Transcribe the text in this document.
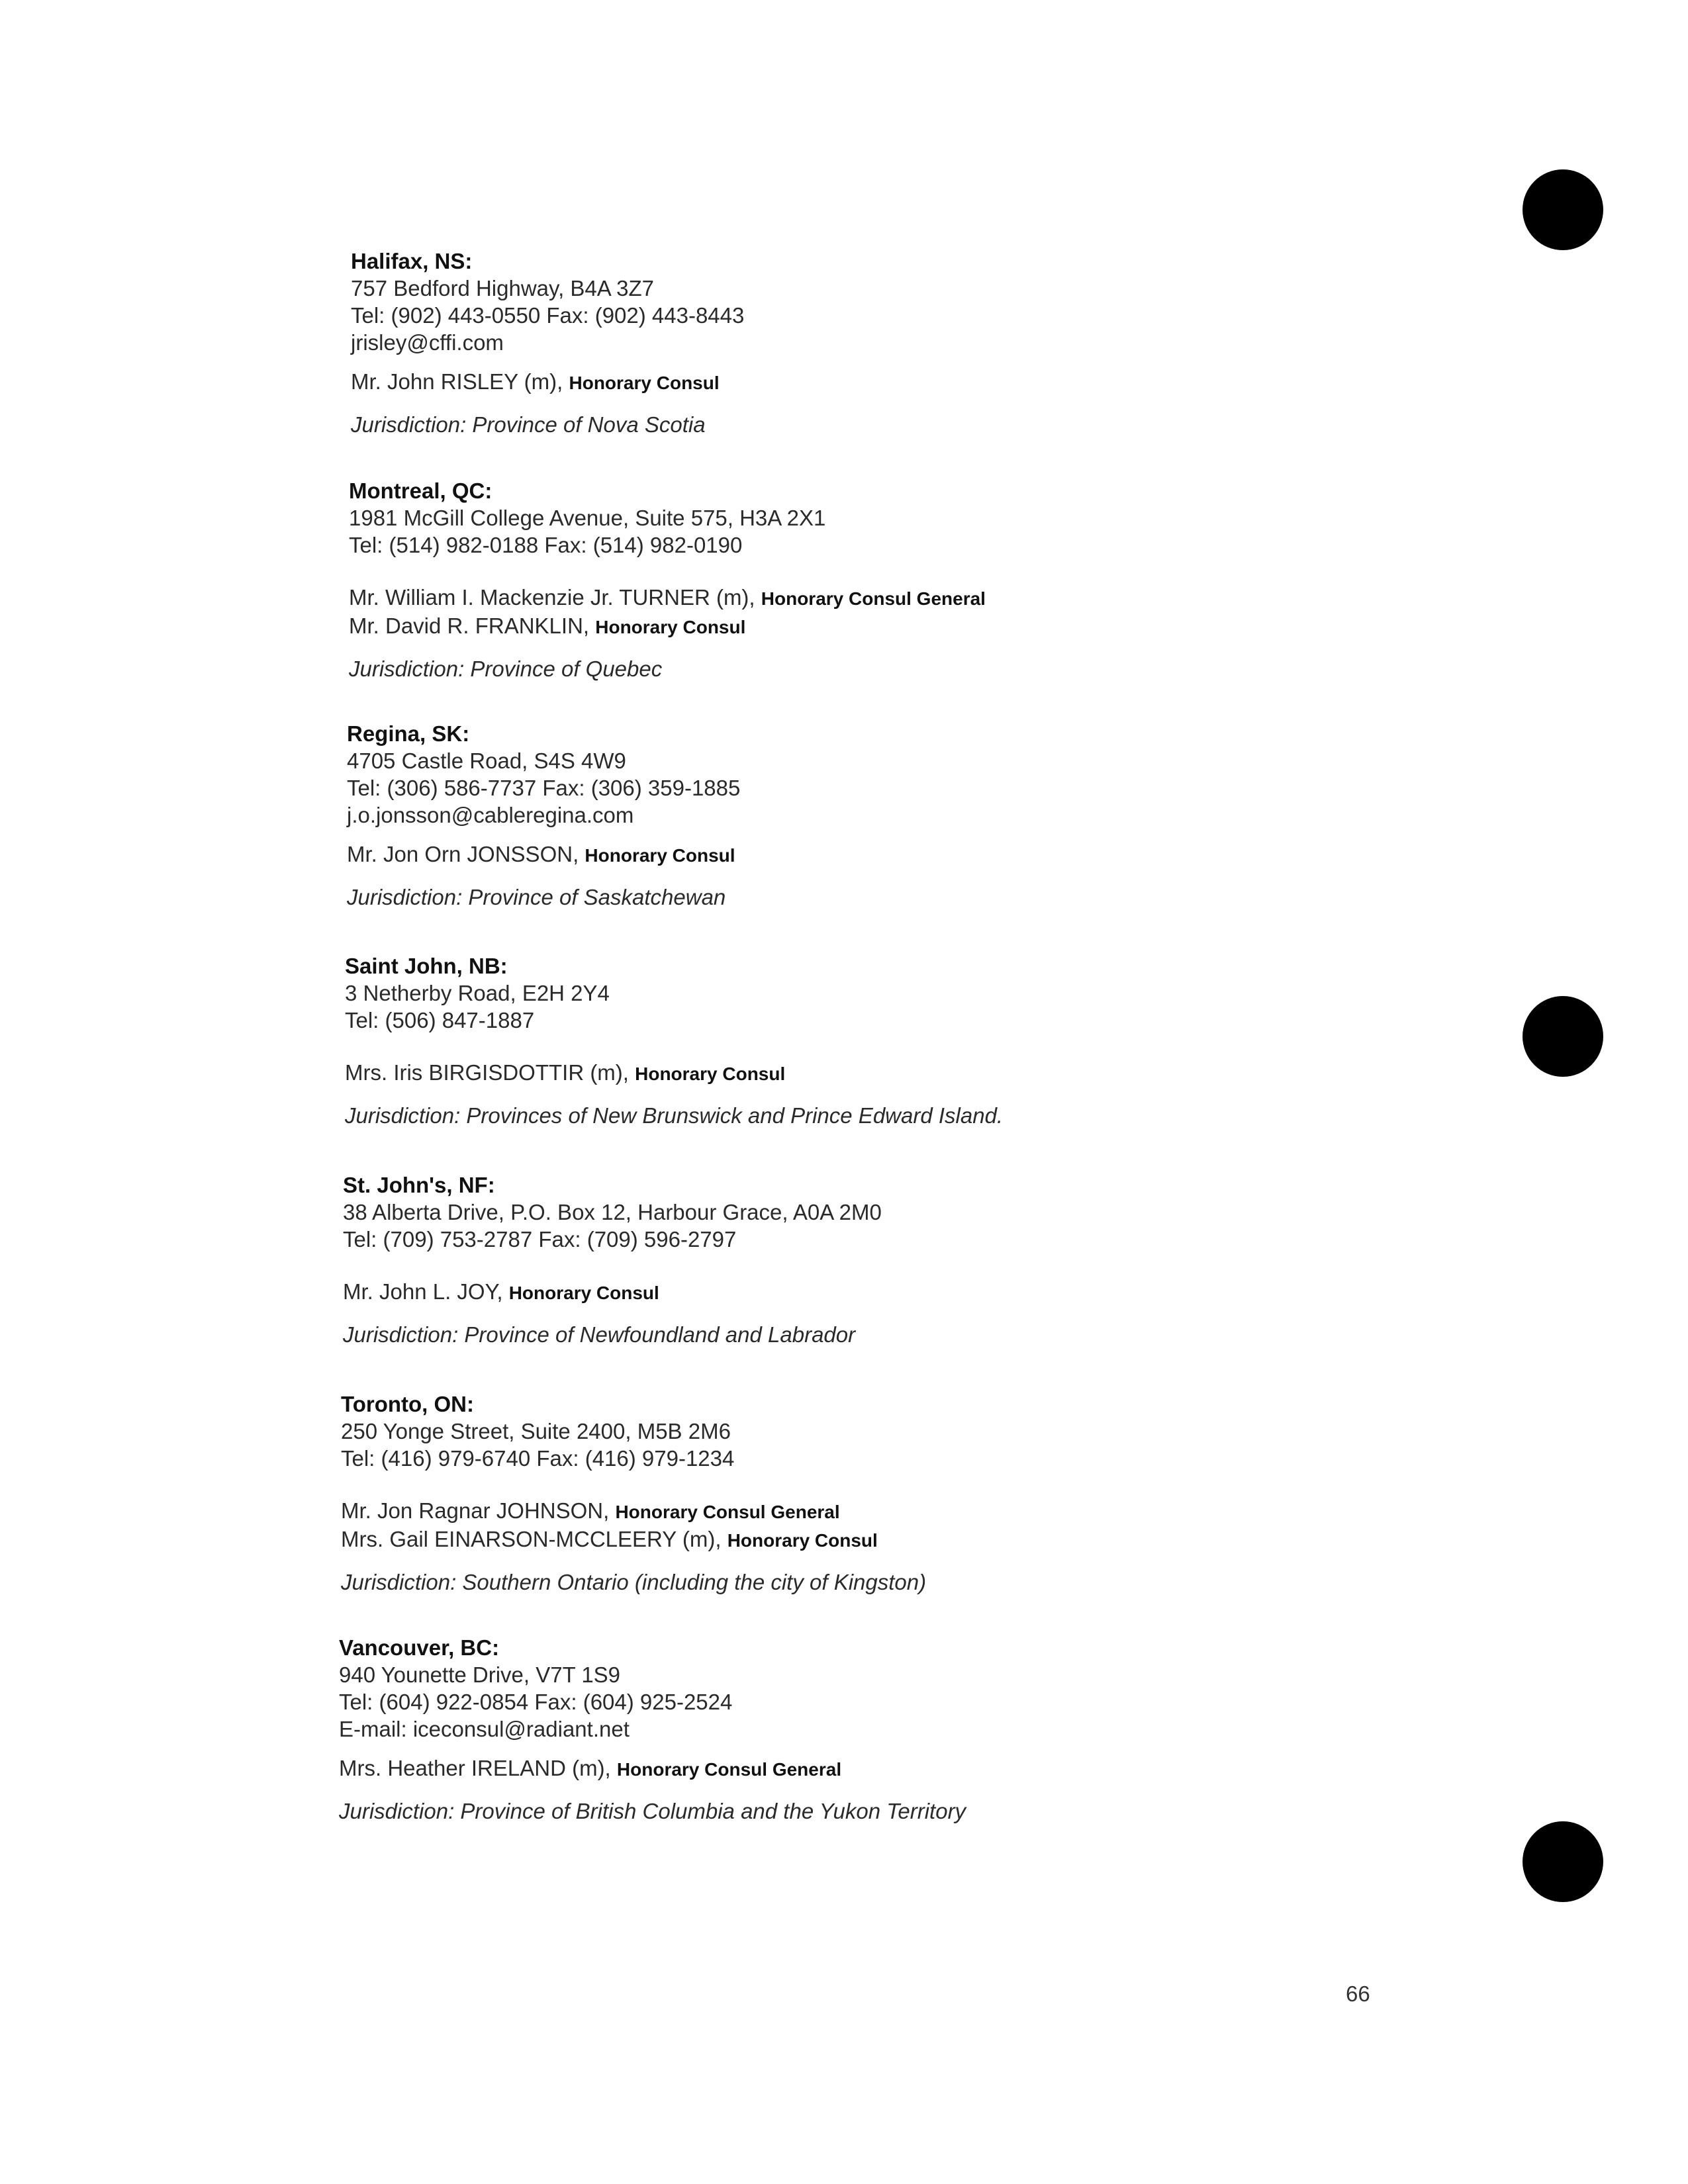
Halifax, NS:
757 Bedford Highway, B4A 3Z7
Tel: (902) 443-0550 Fax: (902) 443-8443
jrisley@cffi.com
Mr. John RISLEY (m), Honorary Consul
Jurisdiction: Province of Nova Scotia
Montreal, QC:
1981 McGill College Avenue, Suite 575, H3A 2X1
Tel: (514) 982-0188 Fax: (514) 982-0190
Mr. William I. Mackenzie Jr. TURNER (m), Honorary Consul General
Mr. David R. FRANKLIN, Honorary Consul
Jurisdiction: Province of Quebec
Regina, SK:
4705 Castle Road, S4S 4W9
Tel: (306) 586-7737 Fax: (306) 359-1885
j.o.jonsson@cableregina.com
Mr. Jon Orn JONSSON, Honorary Consul
Jurisdiction: Province of Saskatchewan
Saint John, NB:
3 Netherby Road, E2H 2Y4
Tel: (506) 847-1887
Mrs. Iris BIRGISDOTTIR (m), Honorary Consul
Jurisdiction: Provinces of New Brunswick and Prince Edward Island.
St. John's, NF:
38 Alberta Drive, P.O. Box 12, Harbour Grace, A0A 2M0
Tel: (709) 753-2787 Fax: (709) 596-2797
Mr. John L. JOY, Honorary Consul
Jurisdiction: Province of Newfoundland and Labrador
Toronto, ON:
250 Yonge Street, Suite 2400, M5B 2M6
Tel: (416) 979-6740 Fax: (416) 979-1234
Mr. Jon Ragnar JOHNSON, Honorary Consul General
Mrs. Gail EINARSON-MCCLEERY (m), Honorary Consul
Jurisdiction: Southern Ontario (including the city of Kingston)
Vancouver, BC:
940 Younette Drive, V7T 1S9
Tel: (604) 922-0854 Fax: (604) 925-2524
E-mail: iceconsul@radiant.net
Mrs. Heather IRELAND (m), Honorary Consul General
Jurisdiction: Province of British Columbia and the Yukon Territory
66
